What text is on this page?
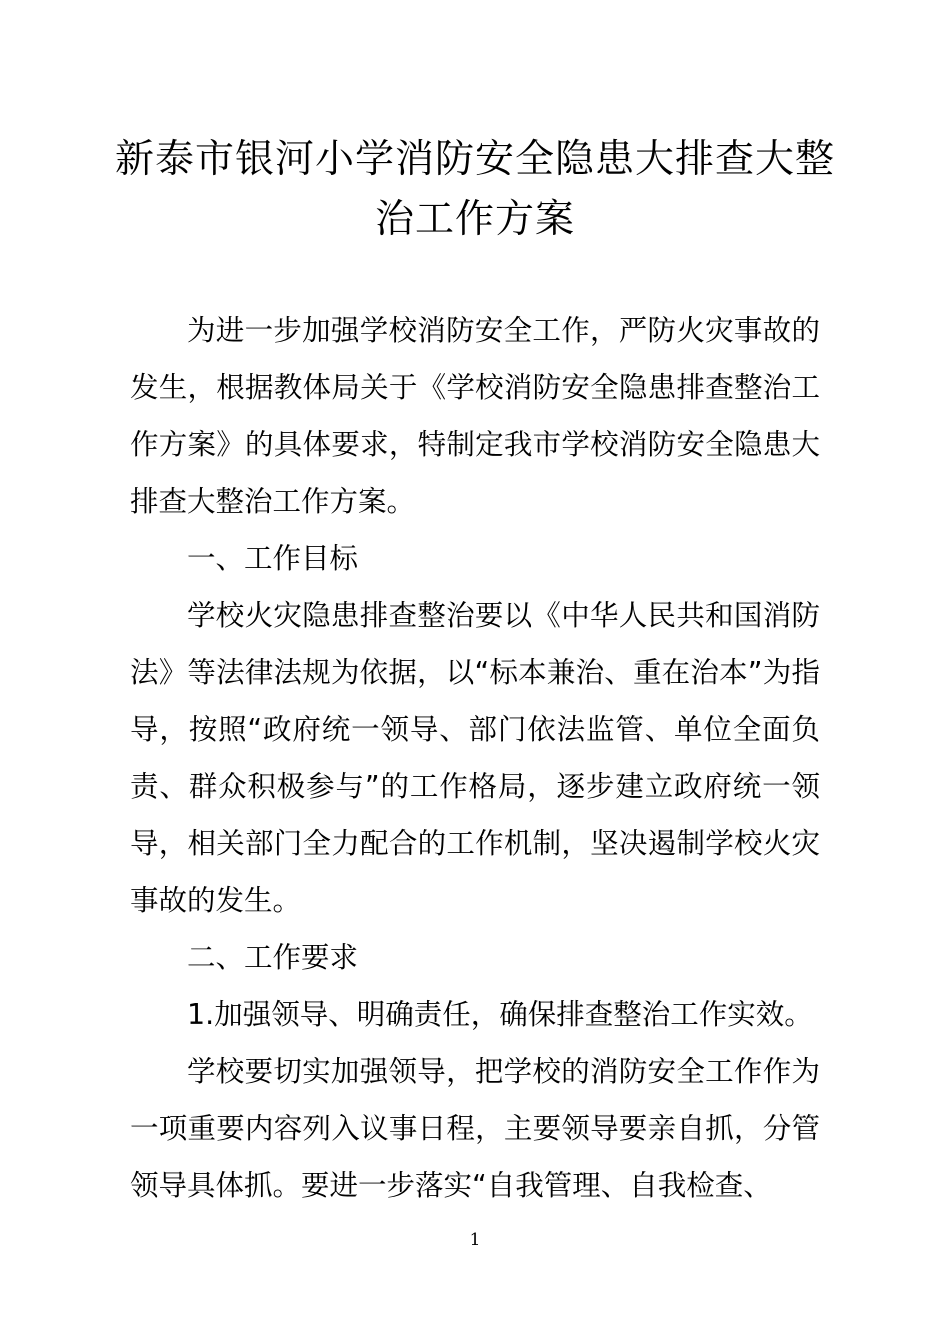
新泰市银河小学消防安全隐患大排查大整治工作方案

为进一步加强学校消防安全工作，严防火灾事故的发生，根据教体局关于《学校消防安全隐患排查整治工作方案》的具体要求，特制定我市学校消防安全隐患大排查大整治工作方案。

一、工作目标

学校火灾隐患排查整治要以《中华人民共和国消防法》等法律法规为依据，以“标本兼治、重在治本”为指导，按照“政府统一领导、部门依法监管、单位全面负责、群众积极参与”的工作格局，逐步建立政府统一领导，相关部门全力配合的工作机制，坚决遏制学校火灾事故的发生。

二、工作要求

1.加强领导、明确责任，确保排查整治工作实效。

学校要切实加强领导，把学校的消防安全工作作为一项重要内容列入议事日程，主要领导要亲自抓，分管领导具体抓。要进一步落实“自我管理、自我检查、

1
